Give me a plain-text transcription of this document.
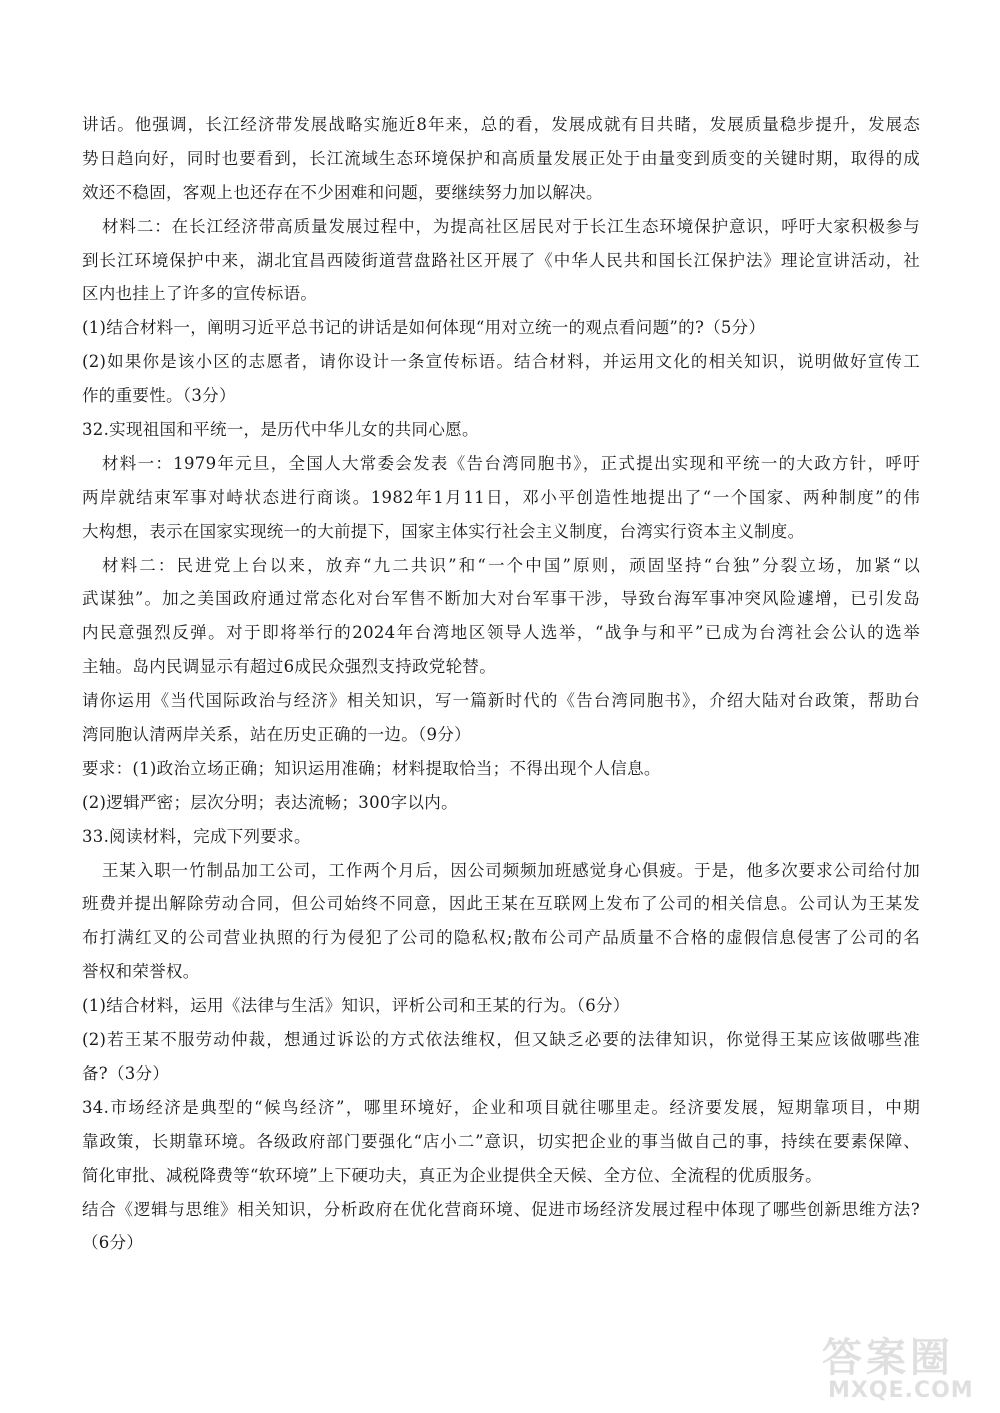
讲话。他强调，长江经济带发展战略实施近8年来，总的看，发展成就有目共睹，发展质量稳步提升，发展态
势日趋向好，同时也要看到，长江流域生态环境保护和高质量发展正处于由量变到质变的关键时期，取得的成
效还不稳固，客观上也还存在不少困难和问题，要继续努力加以解决。
材料二：在长江经济带高质量发展过程中，为提高社区居民对于长江生态环境保护意识，呼吁大家积极参与
到长江环境保护中来，湖北宜昌西陵街道营盘路社区开展了《中华人民共和国长江保护法》理论宣讲活动，社
区内也挂上了许多的宣传标语。
(1)结合材料一，阐明习近平总书记的讲话是如何体现“用对立统一的观点看问题”的?（5分）
(2)如果你是该小区的志愿者，请你设计一条宣传标语。结合材料，并运用文化的相关知识，说明做好宣传工
作的重要性。（3分）
32.实现祖国和平统一，是历代中华儿女的共同心愿。
材料一：1979年元旦，全国人大常委会发表《告台湾同胞书》，正式提出实现和平统一的大政方针，呼吁
两岸就结束军事对峙状态进行商谈。1982年1月11日，邓小平创造性地提出了“一个国家、两种制度”的伟
大构想，表示在国家实现统一的大前提下，国家主体实行社会主义制度，台湾实行资本主义制度。
材料二：民进党上台以来，放弃“九二共识”和“一个中国”原则，顽固坚持“台独”分裂立场，加紧“以
武谋独”。加之美国政府通过常态化对台军售不断加大对台军事干涉，导致台海军事冲突风险遽增，已引发岛
内民意强烈反弹。对于即将举行的2024年台湾地区领导人选举，“战争与和平”已成为台湾社会公认的选举
主轴。岛内民调显示有超过6成民众强烈支持政党轮替。
请你运用《当代国际政治与经济》相关知识，写一篇新时代的《告台湾同胞书》，介绍大陆对台政策，帮助台
湾同胞认清两岸关系，站在历史正确的一边。（9分）
要求：(1)政治立场正确；知识运用准确；材料提取恰当；不得出现个人信息。
(2)逻辑严密；层次分明；表达流畅；300字以内。
33.阅读材料，完成下列要求。
王某入职一竹制品加工公司，工作两个月后，因公司频频加班感觉身心俱疲。于是，他多次要求公司给付加
班费并提出解除劳动合同，但公司始终不同意，因此王某在互联网上发布了公司的相关信息。公司认为王某发
布打满红叉的公司营业执照的行为侵犯了公司的隐私权;散布公司产品质量不合格的虚假信息侵害了公司的名
誉权和荣誉权。
(1)结合材料，运用《法律与生活》知识，评析公司和王某的行为。（6分）
(2)若王某不服劳动仲裁，想通过诉讼的方式依法维权，但又缺乏必要的法律知识，你觉得王某应该做哪些准
备?（3分）
34.市场经济是典型的“候鸟经济”，哪里环境好，企业和项目就往哪里走。经济要发展，短期靠项目，中期
靠政策，长期靠环境。各级政府部门要强化“店小二”意识，切实把企业的事当做自己的事，持续在要素保障、
简化审批、减税降费等“软环境”上下硬功夫，真正为企业提供全天候、全方位、全流程的优质服务。
结合《逻辑与思维》相关知识，分析政府在优化营商环境、促进市场经济发展过程中体现了哪些创新思维方法?
（6分）
答案圈
MXQE.COM
